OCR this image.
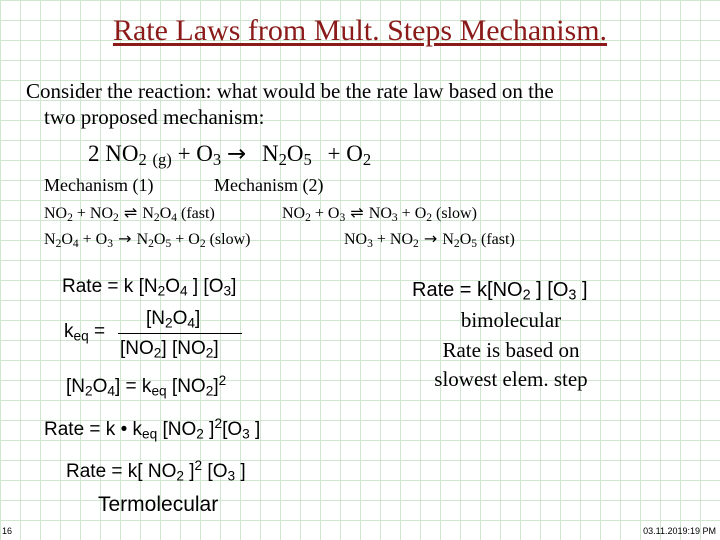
Rate Laws from Mult. Steps Mechanism.
Consider the reaction: what would be the rate law based on the
two proposed mechanism:
2 $NO_2$ $_{(g)} + O_3 \to N_2O_5 + O_2$
Mechanism (1)	Mechanism (2)
$NO_2 + NO_2$ ⇌ $N_2O_4$ (fast)	$NO_2 + O_3$ ⇌ $NO_3 + O_2$ (slow)
$N_2O_4 + O_3 \to N_2O_5 + O_2$ (slow)	$NO_3 + NO_2 \to N_2O_5$ (fast)
Rate = k [$N_2O_4$ ] $[O_3]$
$k_{eq}$ =
$[N_2O_4]$
$[NO_2]$ $[NO_2]$
$[N_2O_4] = k_{eq}$ $[NO_2]^2$
Rate = k • $k_{eq}$ [$NO_2$ ]$^2[O_3$ ]
Rate = k[ $NO_2$ ]$^2$ [$O_3$ ]
Termolecular
Rate = $k[NO_2$ ] [$O_3$ ]
bimolecular
Rate is based on
slowest elem. step
16	03.11.2019:19 PM
